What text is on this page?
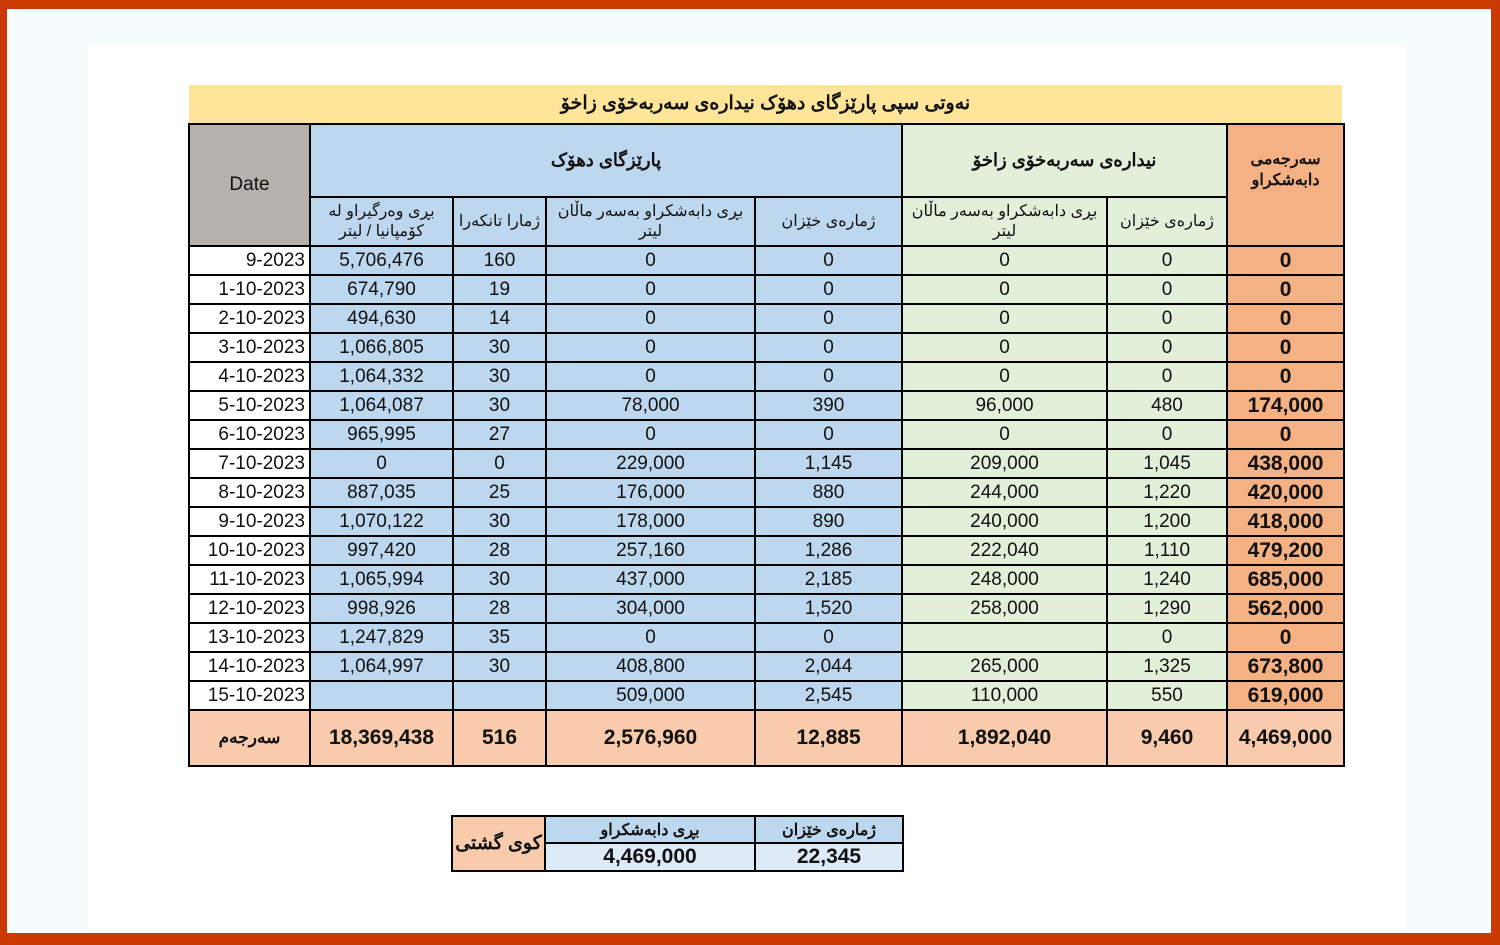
نەوتی سپی پارێزگای دهۆک نیدارەی سەربەخۆی زاخۆ
Date	پارێزگای دهۆک				نیدارەی سەربەخۆی زاخۆ		سەرجەمی دابەشكراو
	بڕی وەرگیراو لە كۆمپانیا / لیتر	ژمارا تانكەرا	بڕی دابەشكراو بەسەر ماڵان لیتر	ژمارەی خێزان	بڕی دابەشكراو بەسەر ماڵان لیتر	ژمارەی خێزان	
9-2023	5,706,476	160	0	0	0	0	0
1-10-2023	674,790	19	0	0	0	0	0
2-10-2023	494,630	14	0	0	0	0	0
3-10-2023	1,066,805	30	0	0	0	0	0
4-10-2023	1,064,332	30	0	0	0	0	0
5-10-2023	1,064,087	30	78,000	390	96,000	480	174,000
6-10-2023	965,995	27	0	0	0	0	0
7-10-2023	0	0	229,000	1,145	209,000	1,045	438,000
8-10-2023	887,035	25	176,000	880	244,000	1,220	420,000
9-10-2023	1,070,122	30	178,000	890	240,000	1,200	418,000
10-10-2023	997,420	28	257,160	1,286	222,040	1,110	479,200
11-10-2023	1,065,994	30	437,000	2,185	248,000	1,240	685,000
12-10-2023	998,926	28	304,000	1,520	258,000	1,290	562,000
13-10-2023	1,247,829	35	0	0		0	0
14-10-2023	1,064,997	30	408,800	2,044	265,000	1,325	673,800
15-10-2023			509,000	2,545	110,000	550	619,000
سەرجەم	18,369,438	516	2,576,960	12,885	1,892,040	9,460	4,469,000
كوی گشتی	بڕی دابەشكراو	ژمارەی خێزان
	4,469,000	22,345
